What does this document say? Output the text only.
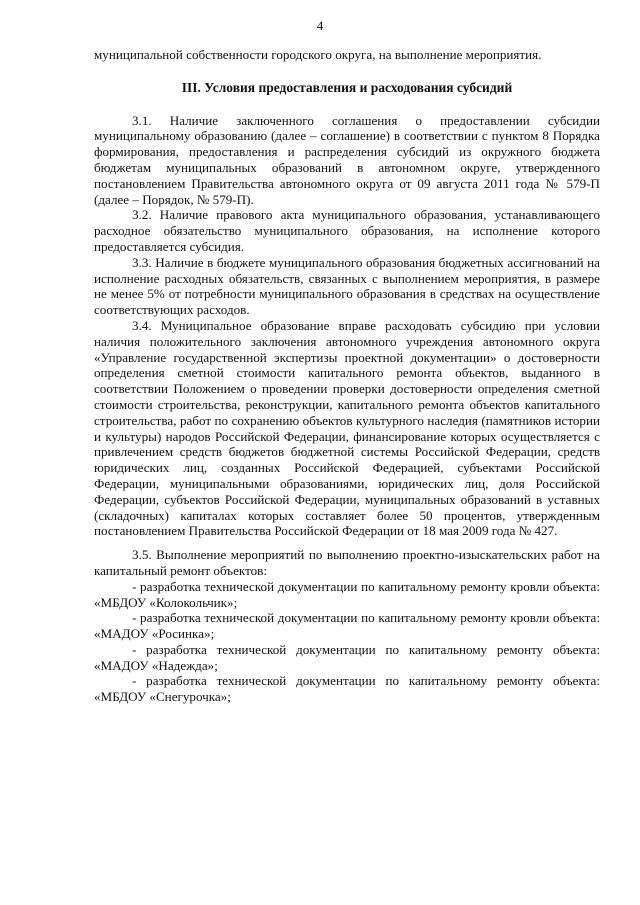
4

муниципальной собственности городского округа, на выполнение мероприятия.

III. Условия предоставления и расходования субсидий

3.1. Наличие заключенного соглашения о предоставлении субсидии муниципальному образованию (далее – соглашение) в соответствии с пунктом 8 Порядка формирования, предоставления и распределения субсидий из окружного бюджета бюджетам муниципальных образований в автономном округе, утвержденного постановлением Правительства автономного округа от 09 августа 2011 года № 579-П (далее – Порядок, № 579-П).

3.2. Наличие правового акта муниципального образования, устанавливающего расходное обязательство муниципального образования, на исполнение которого предоставляется субсидия.

3.3. Наличие в бюджете муниципального образования бюджетных ассигнований на исполнение расходных обязательств, связанных с выполнением мероприятия, в размере не менее 5% от потребности муниципального образования в средствах на осуществление соответствующих расходов.

3.4. Муниципальное образование вправе расходовать субсидию при условии наличия положительного заключения автономного учреждения автономного округа «Управление государственной экспертизы проектной документации» о достоверности определения сметной стоимости капитального ремонта объектов, выданного в соответствии Положением о проведении проверки достоверности определения сметной стоимости строительства, реконструкции, капитального ремонта объектов капитального строительства, работ по сохранению объектов культурного наследия (памятников истории и культуры) народов Российской Федерации, финансирование которых осуществляется с привлечением средств бюджетов бюджетной системы Российской Федерации, средств юридических лиц, созданных Российской Федерацией, субъектами Российской Федерации, муниципальными образованиями, юридических лиц, доля Российской Федерации, субъектов Российской Федерации, муниципальных образований в уставных (складочных) капиталах которых составляет более 50 процентов, утвержденным постановлением Правительства Российской Федерации от 18 мая 2009 года № 427.

3.5. Выполнение мероприятий по выполнению проектно-изыскательских работ на капитальный ремонт объектов:

- разработка технической документации по капитальному ремонту кровли объекта: «МБДОУ «Колокольчик»;

- разработка технической документации по капитальному ремонту кровли объекта: «МАДОУ «Росинка»;

- разработка технической документации по капитальному ремонту объекта: «МАДОУ «Надежда»;

- разработка технической документации по капитальному ремонту объекта: «МБДОУ «Снегурочка»;
